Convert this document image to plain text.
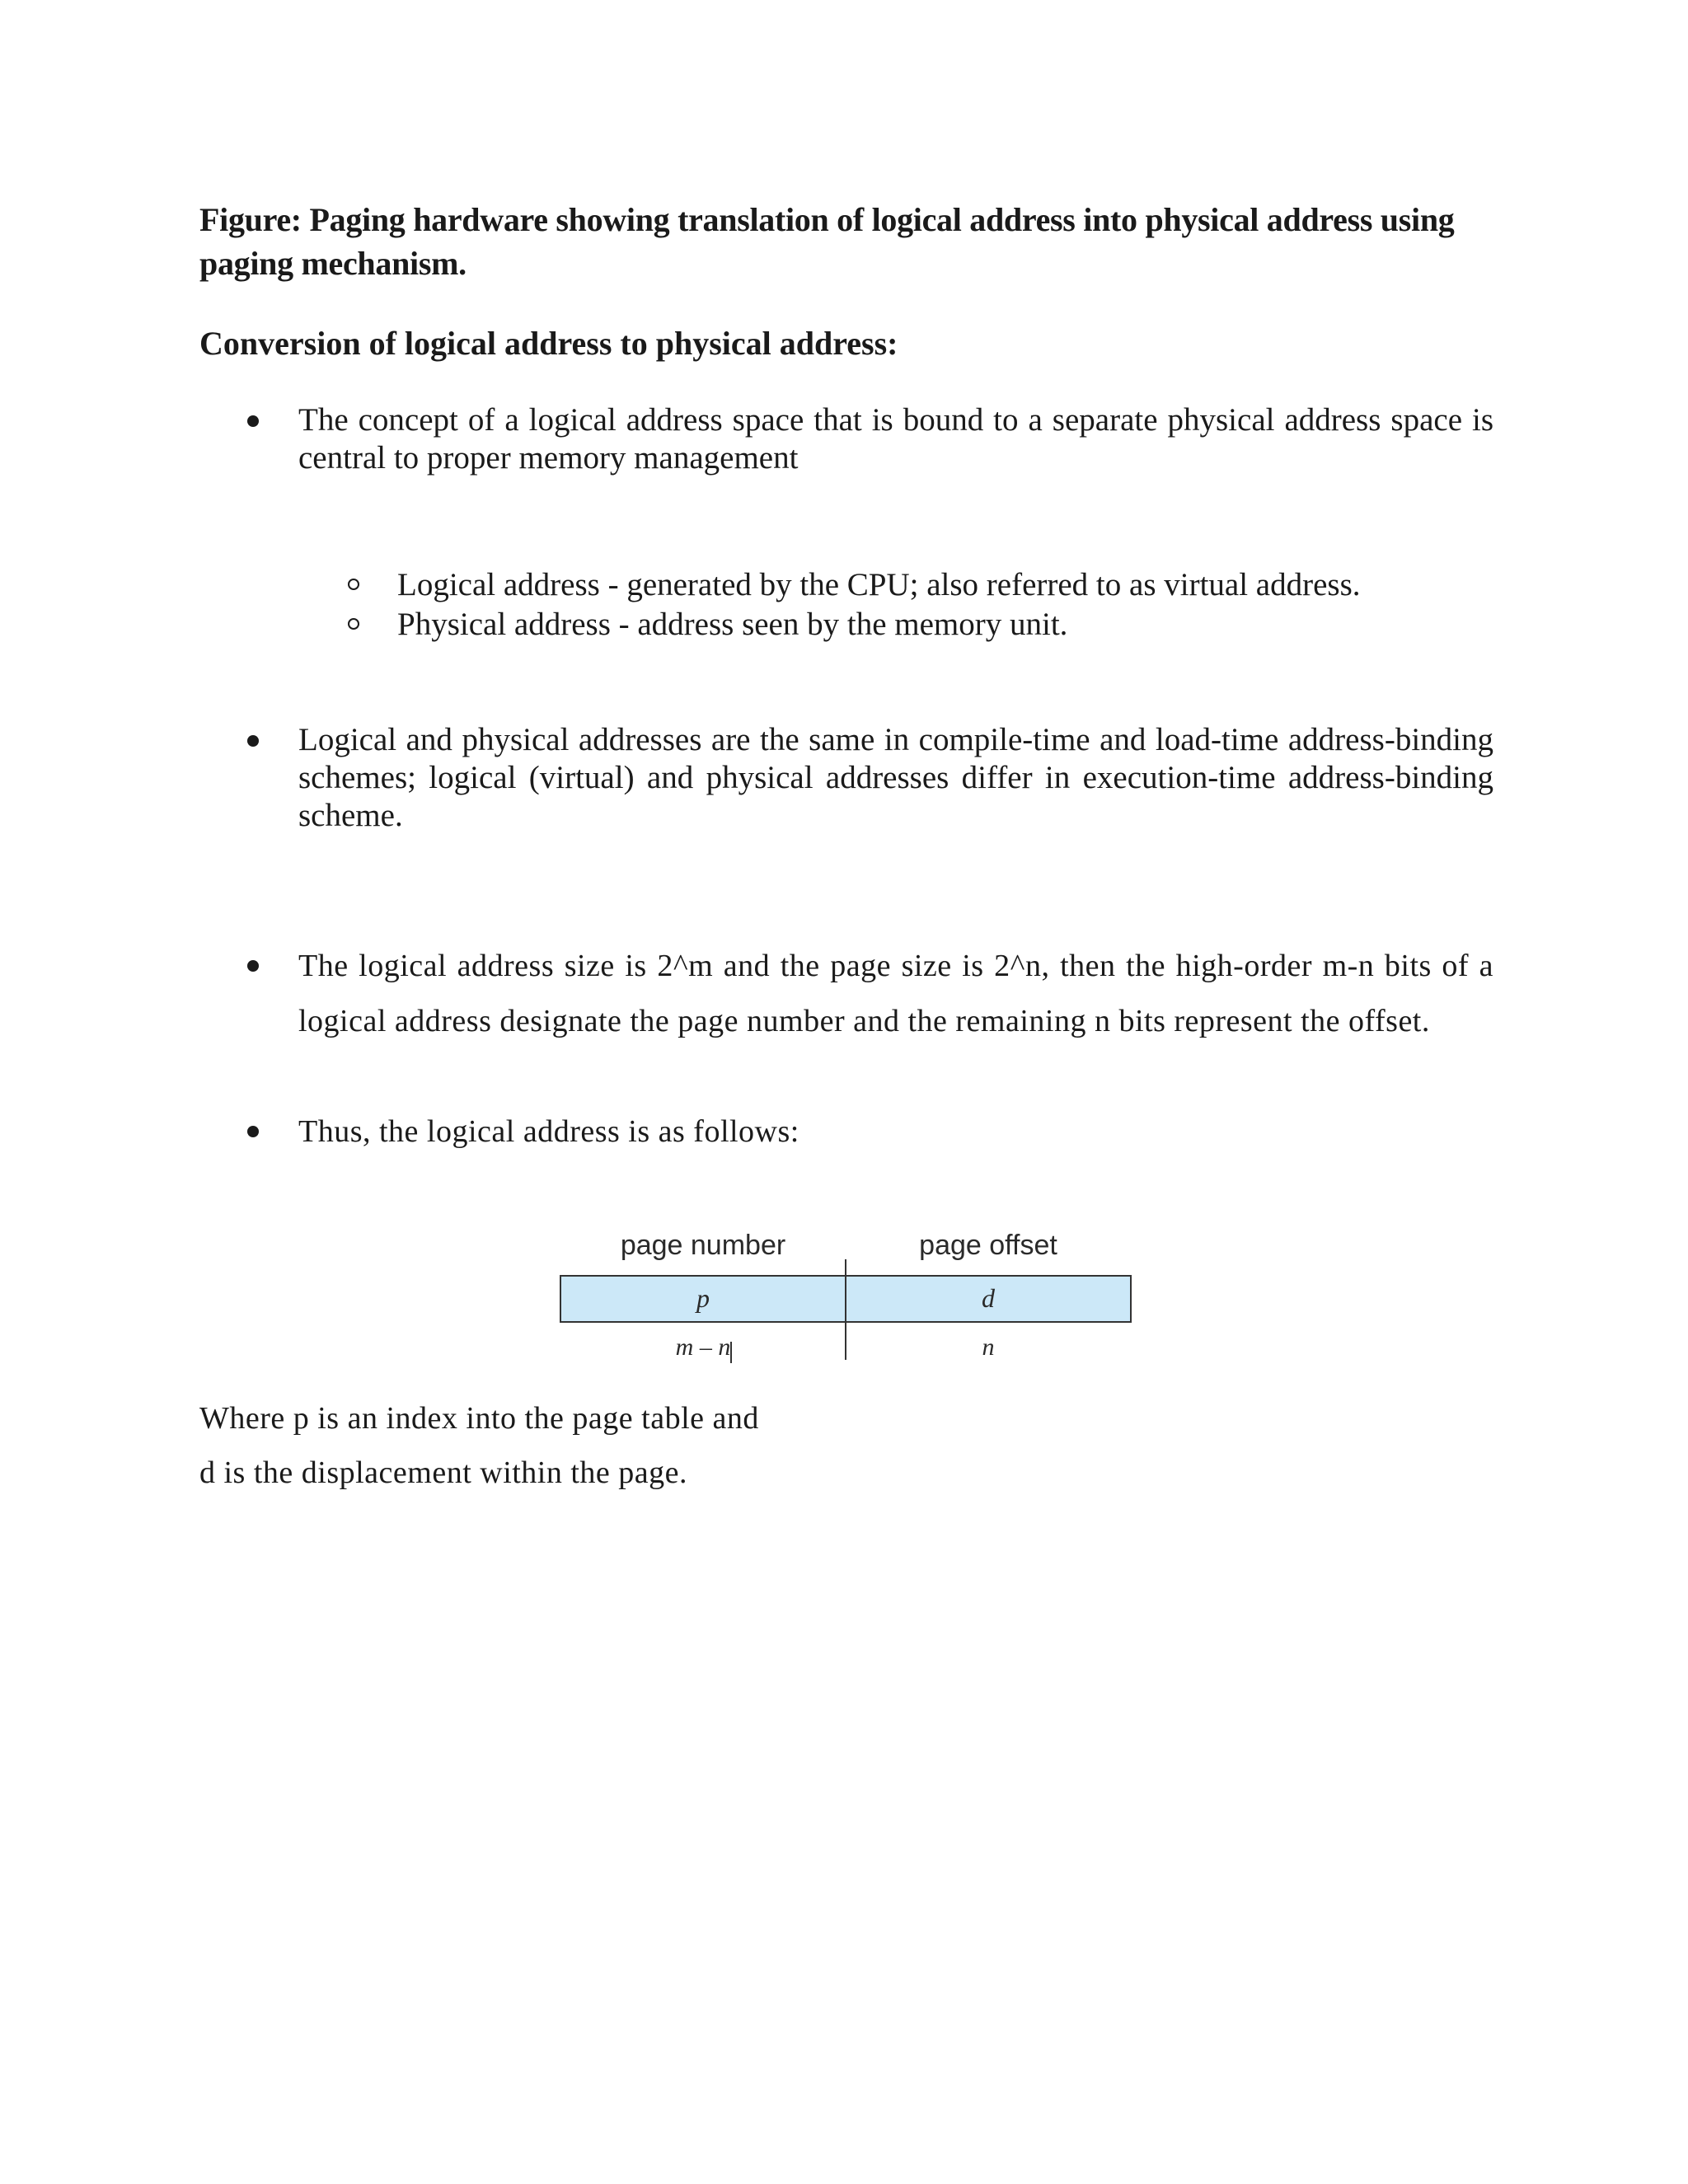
Figure: Paging hardware showing translation of logical address into physical address using paging mechanism.
Conversion of logical address to physical address:
The concept of a logical address space that is bound to a separate physical address space is central to proper memory management
Logical address - generated by the CPU; also referred to as virtual address.
Physical address - address seen by the memory unit.
Logical and physical addresses are the same in compile-time and load-time address-binding schemes; logical (virtual) and physical addresses differ in execution-time address-binding scheme.
The logical address size is 2^m and the page size is 2^n, then the high-order m-n bits of a logical address designate the page number and the remaining n bits represent the offset.
Thus, the logical address is as follows:
page number	page offset
p	d
m – n	n
Where p is an index into the page table and
d is the displacement within the page.
